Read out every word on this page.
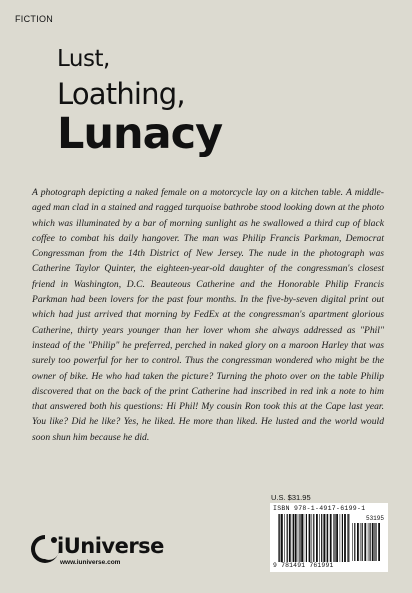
FICTION
Lust,
Loathing,
Lunacy
A photograph depicting a naked female on a motorcycle lay on a kitchen table. A middle-aged man clad in a stained and ragged turquoise bathrobe stood looking down at the photo which was illuminated by a bar of morning sunlight as he swallowed a third cup of black coffee to combat his daily hangover. The man was Philip Francis Parkman, Democrat Congressman from the 14th District of New Jersey. The nude in the photograph was Catherine Taylor Quinter, the eighteen-year-old daughter of the congressman's closest friend in Washington, D.C. Beauteous Catherine and the Honorable Philip Francis Parkman had been lovers for the past four months. In the five-by-seven digital print out which had just arrived that morning by FedEx at the congressman's apartment glorious Catherine, thirty years younger than her lover whom she always addressed as "Phil" instead of the "Philip" he preferred, perched in naked glory on a maroon Harley that was surely too powerful for her to control. Thus the congressman wondered who might be the owner of bike. He who had taken the picture? Turning the photo over on the table Philip discovered that on the back of the print Catherine had inscribed in red ink a note to him that answered both his questions: Hi Phil! My cousin Ron took this at the Cape last year. You like? Did he like? Yes, he liked. He more than liked. He lusted and the world would soon shun him because he did.
U.S. $31.95
ISBN 978-1-4917-6199-1
53195
9 781491 761991
iUniverse
www.iuniverse.com
